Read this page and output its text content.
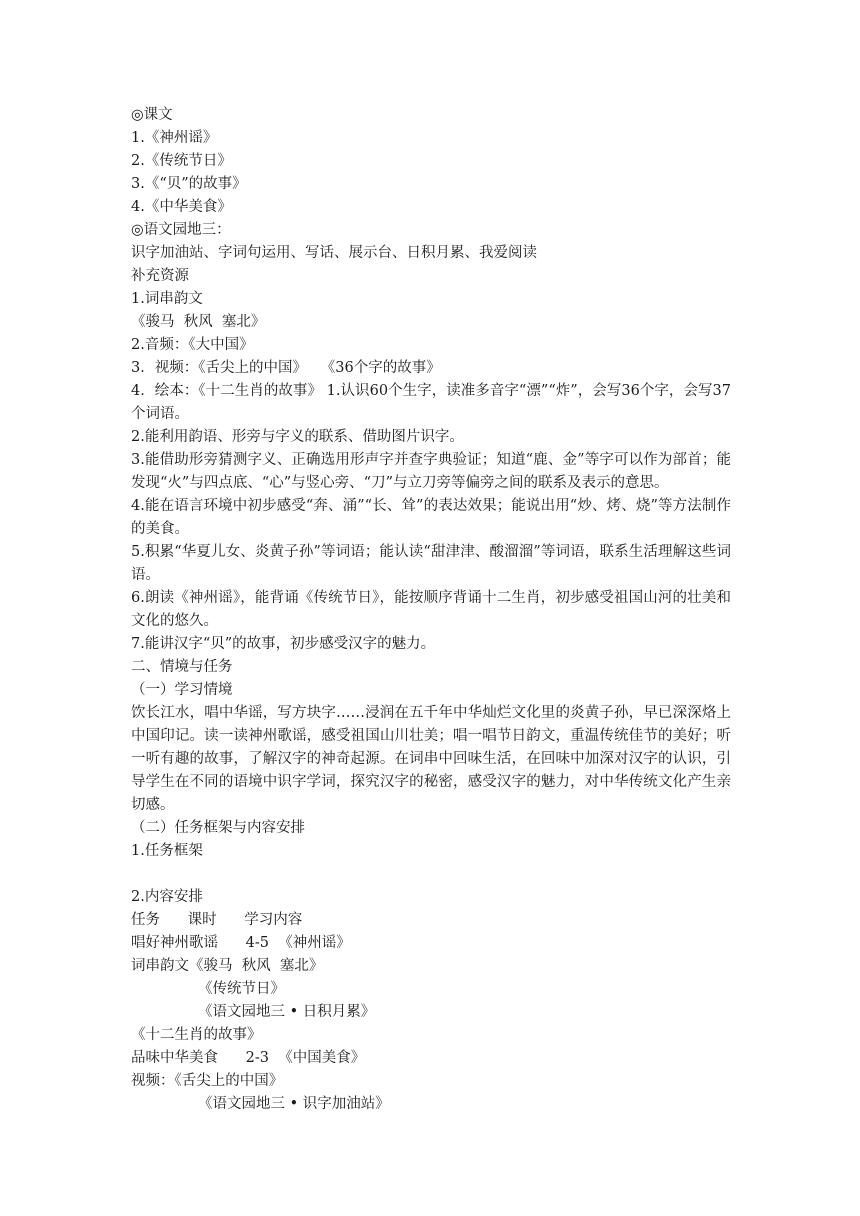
◎课文
1.《神州谣》
2.《传统节日》
3.《“贝”的故事》
4.《中华美食》
◎语文园地三：
识字加油站、字词句运用、写话、展示台、日积月累、我爱阅读
补充资源
1.词串韵文
《骏马  秋风  塞北》
2.音频：《大中国》
3．视频：《舌尖上的中国》   《36个字的故事》
4．绘本：《十二生肖的故事》 1.认识60个生字，读准多音字“漂”“炸”，会写36个字，会写37个词语。
2.能利用韵语、形旁与字义的联系、借助图片识字。
3.能借助形旁猜测字义、正确选用形声字并查字典验证；知道“鹿、金”等字可以作为部首；能发现“火”与四点底、“心”与竖心旁、“刀”与立刀旁等偏旁之间的联系及表示的意思。
4.能在语言环境中初步感受“奔、涌”“长、耸”的表达效果；能说出用“炒、烤、烧”等方法制作的美食。
5.积累“华夏儿女、炎黄子孙”等词语；能认读“甜津津、酸溜溜”等词语，联系生活理解这些词语。
6.朗读《神州谣》，能背诵《传统节日》，能按顺序背诵十二生肖，初步感受祖国山河的壮美和文化的悠久。
7.能讲汉字“贝”的故事，初步感受汉字的魅力。
二、情境与任务
（一）学习情境
饮长江水，唱中华谣，写方块字……浸润在五千年中华灿烂文化里的炎黄子孙，早已深深烙上中国印记。读一读神州歌谣，感受祖国山川壮美；唱一唱节日韵文，重温传统佳节的美好；听一听有趣的故事，了解汉字的神奇起源。在词串中回味生活，在回味中加深对汉字的认识，引导学生在不同的语境中识字学词，探究汉字的秘密，感受汉字的魅力，对中华传统文化产生亲切感。
（二）任务框架与内容安排
1.任务框架
2.内容安排
任务      课时      学习内容
唱好神州歌谣      4-5  《神州谣》
词串韵文《骏马  秋风  塞北》
《传统节日》
《语文园地三 • 日积月累》
《十二生肖的故事》
品味中华美食      2-3  《中国美食》
视频：《舌尖上的中国》
《语文园地三 • 识字加油站》
